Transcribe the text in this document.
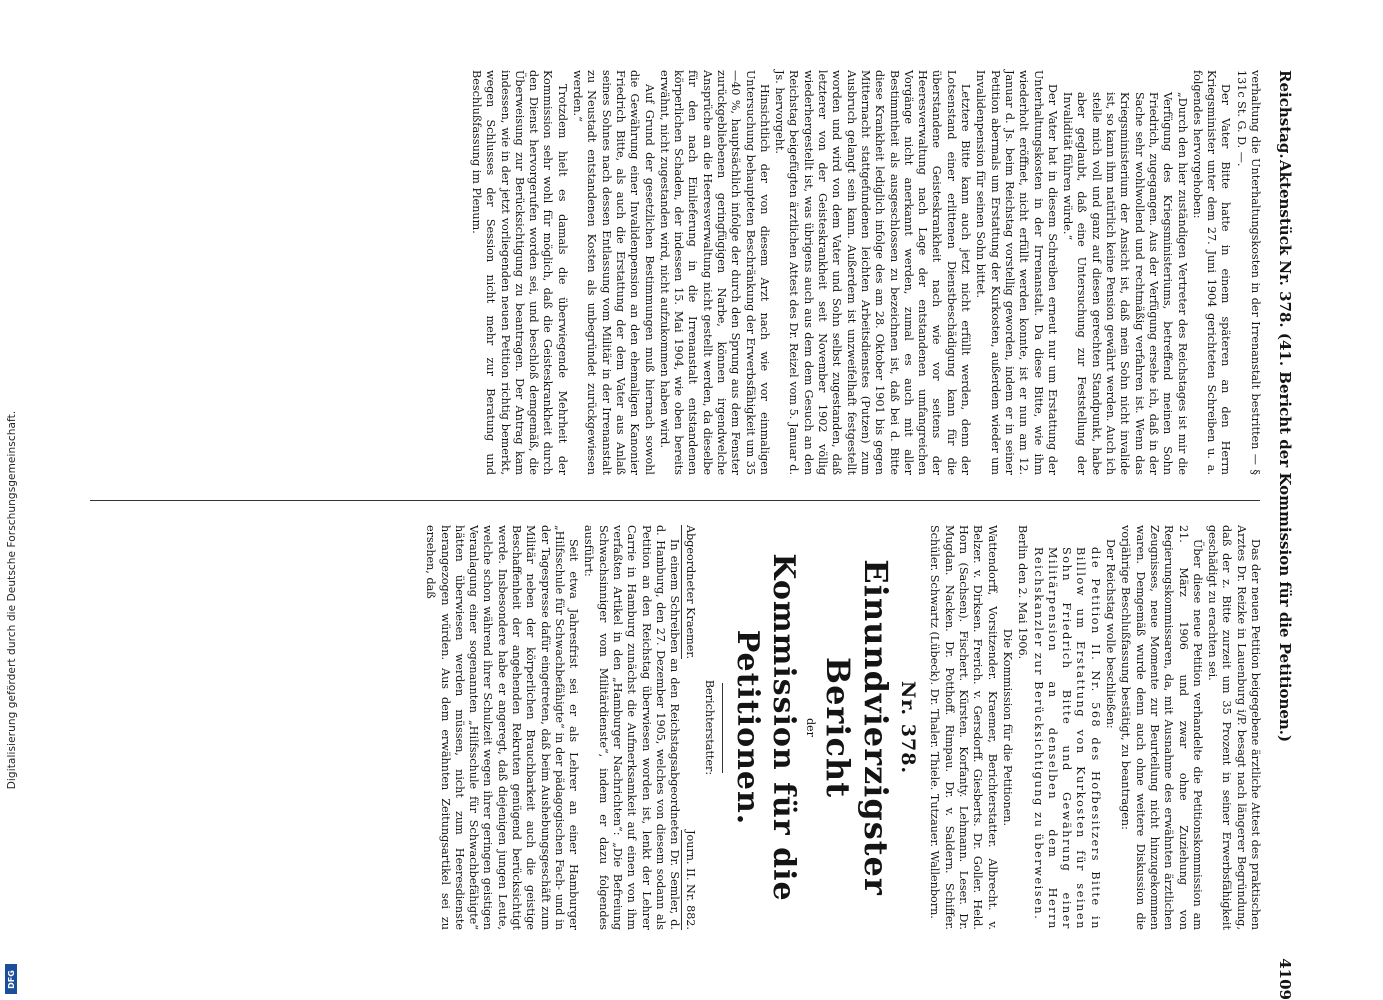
Digitalisierung gefördert durch die Deutsche Forschungsgemeinschaft.
DFG
Reichstag.
Aktenstück Nr. 378. (41. Bericht der Kommission für die Petitionen.)
4109

verhaltung die Unterhaltungskosten in der Irrenanstalt bestritten — § 131c St. G. D. —.

Der Vater Bitte hatte in einem späteren an den Herrn Kriegsminister unter dem 27. Juni 1904 gerichteten Schreiben u. a. folgendes hervorgehoben:

„Durch den hier zuständigen Vertreter des Reichstages ist mir die Verfügung des Kriegsministeriums, betreffend meinen Sohn Friedrich, zugegangen. Aus der Verfügung ersehe ich, daß in der Sache sehr wohlwollend und rechtmäßig verfahren ist. Wenn das Kriegsministerium der Ansicht ist, daß mein Sohn nicht invalide ist, so kann ihm natürlich keine Pension gewährt werden. Auch ich stelle mich voll und ganz auf diesen gerechten Standpunkt, habe aber geglaubt, daß eine Untersuchung zur Feststellung der Invalidität führen würde.“

Der Vater hat in diesem Schreiben erneut nur um Erstattung der Unterhaltungskosten in der Irrenanstalt. Da diese Bitte, wie ihm wiederholt eröffnet, nicht erfüllt werden konnte, ist er nun am 12. Januar d. Js. beim Reichstag vorstellig geworden, indem er in seiner Petition abermals um Erstattung der Kurkosten, außerdem wieder um Invalidenpension für seinen Sohn bittet.

Letztere Bitte kann auch jetzt nicht erfüllt werden, denn der Lotsenstand einer erlittenen Dienstbeschädigung kann für die überstandene Geisteskrankheit nach wie vor seitens der Heeresverwaltung nach Lage der entstandenen umfangreichen Vorgänge nicht anerkannt werden, zumal es auch mit aller Bestimmtheit als ausgeschlossen zu bezeichnen ist, daß bei d. Bitte diese Krankheit lediglich infolge des am 28. Oktober 1901 bis gegen Mitternacht stattgefundenen leichten Arbeitsdienstes (Putzen) zum Ausbruch gelangt sein kann. Außerdem ist unzweifelhaft festgestellt worden und wird von dem Vater und Sohn selbst zugestanden, daß letzterer von der Geisteskrankheit seit November 1902 völlig wiederhergestellt ist, was übrigens auch aus dem dem Gesuch an den Reichstag beigefügten ärztlichen Attest des Dr. Reizel vom 5. Januar d. Js. hervorgeht.

Hinsichtlich der von diesem Arzt nach wie vor einmaligen Untersuchung behaupteten Beschränkung der Erwerbsfähigkeit um 35—40 %, hauptsächlich infolge der durch den Sprung aus dem Fenster zurückgebliebenen geringfügigen Narbe, können irgendwelche Ansprüche an die Heeresverwaltung nicht gestellt werden, da dieselbe für den nach Einlieferung in die Irrenanstalt entstandenen körperlichen Schaden, der indessen 15. Mai 1904, wie oben bereits erwähnt, nicht zugestanden wird, nicht aufzukommen haben wird.

Auf Grund der gesetzlichen Bestimmungen muß hiernach sowohl die Gewährung einer Invalidenpension an den ehemaligen Kanonier Friedrich Bitte, als auch die Erstattung der dem Vater aus Anlaß seines Sohnes nach dessen Entlassung vom Militär in der Irrenanstalt zu Neustadt entstandenen Kosten als unbegründet zurückgewiesen werden.“

Trotzdem hielt es damals die überwiegende Mehrheit der Kommission sehr wohl für möglich, daß die Geisteskrankheit durch den Dienst hervorgerufen worden sei, und beschloß demgemäß, die Überweisung zur Berücksichtigung zu beantragen. Der Antrag kam indessen, wie in der jetzt vorliegenden neuen Petition richtig bemerkt, wegen Schlusses der Session nicht mehr zur Beratung und Beschlußfassung im Plenum.

Das der neuen Petition beigegebene ärztliche Attest des praktischen Arztes Dr. Reizke in Lauenburg i/P. besagt nach längerer Begründung, daß der z. Bitte zurzeit um 35 Prozent in seiner Erwerbsfähigkeit geschädigt zu erachten sei.

Über diese neue Petition verhandelte die Petitionskommission am 21. März 1906 und zwar ohne Zuziehung von Regierungskommissaren, da, mit Ausnahme des erwähnten ärztlichen Zeugnisses, neue Momente zur Beurteilung nicht hinzugekommen waren. Demgemäß wurde denn auch ohne weitere Diskussion die vorjährige Beschlußfassung bestätigt, zu beantragen:

Der Reichstag wolle beschließen:

die Petition II. Nr. 568 des Hofbesitzers Bitte in Billlow um Erstattung von Kurkosten für seinen Sohn Friedrich Bitte und Gewährung einer Militärpension an denselben dem Herrn Reichskanzler zur Berücksichtigung zu überweisen.

Berlin den 2. Mai 1906.

Die Kommission für die Petitionen.

Wattendorff, Vorsitzender. Kraemer, Berichterstatter. Albrecht. v. Belzer. v. Dirksen. Frerich. v. Gersdorff. Giesberts. Dr. Goller. Held. Horn (Sachsen). Fischert. Kürsten. Korfanty. Lehmann. Leser. Dr. Mugdan. Nacken. Dr. Potthoff. Rimpau. Dr. v. Saldern. Schiffer. Schüler. Schwartz (Lübeck). Dr. Thaler. Thiele. Tutzauer. Wallenborn.

Nr. 378.
Einundvierzigster Bericht
der
Kommission für die Petitionen.

Berichterstatter:

Abgeordneter Kraemer.
Journ. II. Nr. 882.

In einem Schreiben an den Reichstagsabgeordneten Dr. Semler, d. d. Hamburg, den 27. Dezember 1905, welches von diesem sodann als Petition an den Reichstag überwiesen worden ist, lenkt der Lehrer Carrie in Hamburg zunächst die Aufmerksamkeit auf einen von ihm verfaßten Artikel in den „Hamburger Nachrichten“: „Die Befreiung Schwachsinniger vom Militärdienste“, indem er dazu folgendes ausführt:

Seit etwa Jahresfrist sei er als Lehrer an einer Hamburger „Hilfsschule für Schwachbefähigte“ in der pädagogischen Fach- und in der Tagespresse dafür eingetreten, daß beim Aushebungsgeschäft zum Militär neben der körperlichen Brauchbarkeit auch die geistige Beschaffenheit der angehenden Rekruten genügend berücksichtigt werde. Insbesondere habe er angeregt, daß diejenigen jungen Leute, welche schon während ihrer Schulzeit wegen ihrer geringen geistigen Veranlagung einer sogenannten „Hilfsschule für Schwachbefähigte“ hätten überwiesen werden müssen, nicht zum Heeresdienste herangezogen würden. Aus dem erwähnten Zeitungsartikel sei zu ersehen, daß
